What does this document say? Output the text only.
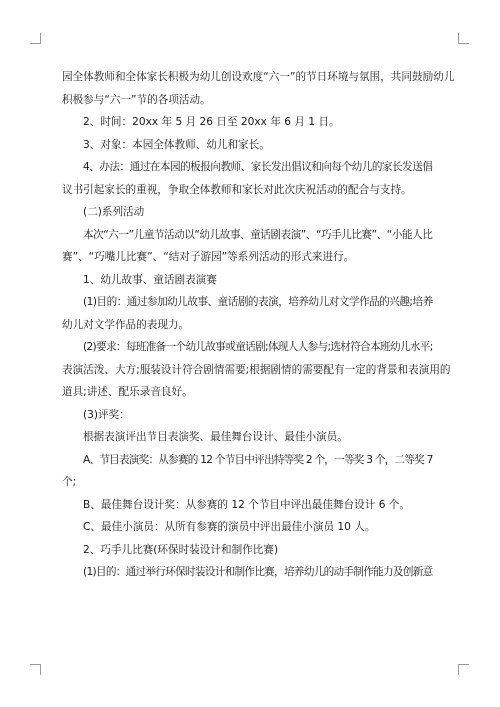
园全体教师和全体家长积极为幼儿创设欢度“六一”的节日环境与氛围，共同鼓励幼儿

积极参与“六一”节的各项活动。

2、时间：20xx 年 5 月 26 日至 20xx 年 6 月 1 日。

3、对象：本园全体教师、幼儿和家长。

4、办法：通过在本园的板报向教师、家长发出倡议和向每个幼儿的家长发送倡

议书引起家长的重视，争取全体教师和家长对此次庆祝活动的配合与支持。

(二)系列活动

本次“六一”儿童节活动以“幼儿故事、童话剧表演”、“巧手儿比赛”、“小能人比

赛”、“巧嘴儿比赛”、“结对子游园”等系列活动的形式来进行。

1、幼儿故事、童话剧表演赛

(1)目的：通过参加幼儿故事、童话剧的表演，培养幼儿对文学作品的兴趣;培养

幼儿对文学作品的表现力。

(2)要求：每班准备一个幼儿故事或童话剧;体现人人参与;选材符合本班幼儿水平;

表演活泼、大方;服装设计符合剧情需要;根据剧情的需要配有一定的背景和表演用的

道具;讲述、配乐录音良好。

(3)评奖：

根据表演评出节目表演奖、最佳舞台设计、最佳小演员。

A、节目表演奖：从参赛的 12 个节目中评出特等奖 2 个，一等奖 3 个，二等奖 7

个;

B、最佳舞台设计奖：从参赛的 12 个节目中评出最佳舞台设计 6 个。

C、最佳小演员：从所有参赛的演员中评出最佳小演员 10 人。

2、巧手儿比赛(环保时装设计和制作比赛)

(1)目的：通过举行环保时装设计和制作比赛，培养幼儿的动手制作能力及创新意
